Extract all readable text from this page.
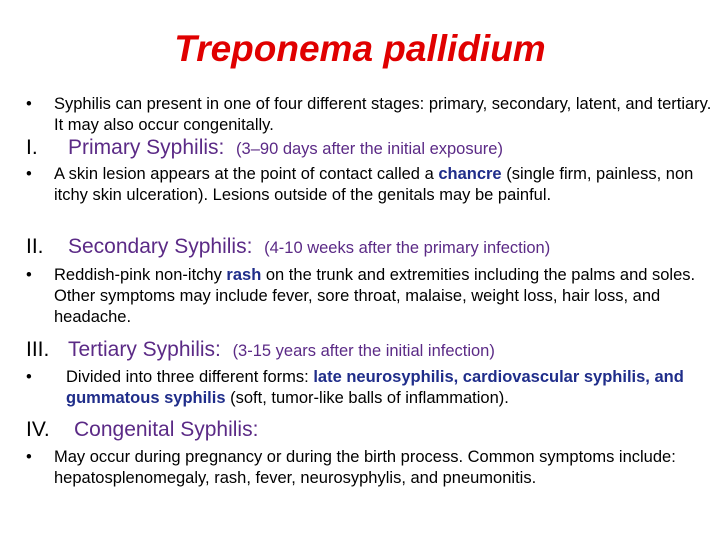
Treponema pallidium
• Syphilis can present in one of four different stages: primary, secondary, latent, and tertiary. It may also occur congenitally.
I. Primary Syphilis: (3–90 days after the initial exposure)
• A skin lesion appears at the point of contact called a chancre (single firm, painless, non itchy skin ulceration). Lesions outside of the genitals may be painful.
II. Secondary Syphilis: (4-10 weeks after the primary infection)
• Reddish-pink non-itchy rash on the trunk and extremities including the palms and soles. Other symptoms may include fever, sore throat, malaise, weight loss, hair loss, and headache.
III. Tertiary Syphilis: (3-15 years after the initial infection)
• Divided into three different forms: late neurosyphilis, cardiovascular syphilis, and gummatous syphilis (soft, tumor-like balls of inflammation).
IV. Congenital Syphilis:
• May occur during pregnancy or during the birth process. Common symptoms include: hepatosplenomegaly, rash, fever, neurosyphylis, and pneumonitis.
